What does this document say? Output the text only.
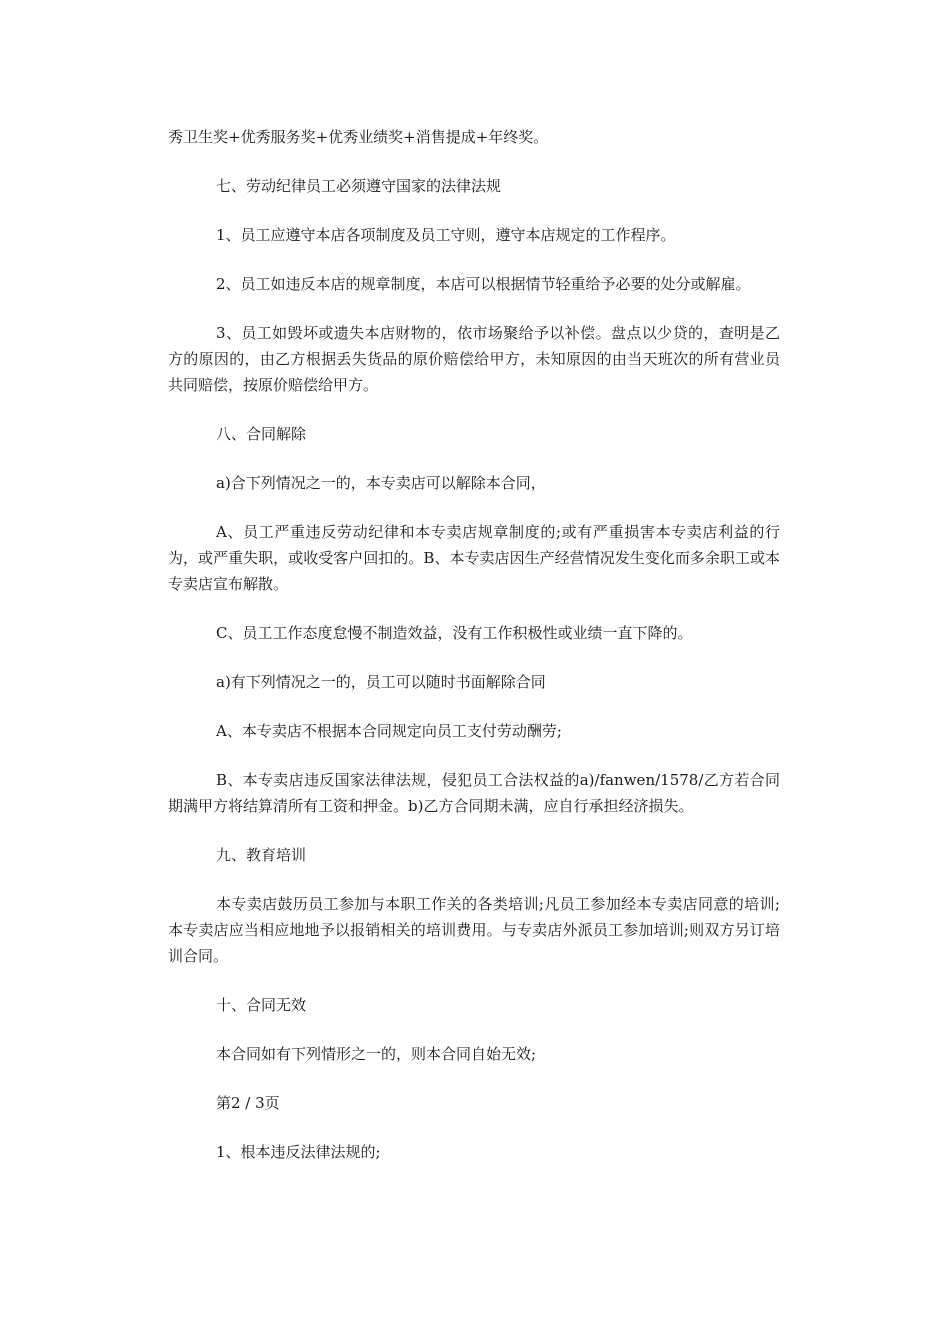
秀卫生奖+优秀服务奖+优秀业绩奖+消售提成+年终奖。

七、劳动纪律员工必须遵守国家的法律法规

1、员工应遵守本店各项制度及员工守则，遵守本店规定的工作程序。

2、员工如违反本店的规章制度，本店可以根据情节轻重给予必要的处分或解雇。

3、员工如毁坏或遗失本店财物的，依市场聚给予以补偿。盘点以少贷的，查明是乙方的原因的，由乙方根据丢失货品的原价赔偿给甲方，未知原因的由当天班次的所有营业员共同赔偿，按原价赔偿给甲方。

八、合同解除

a)合下列情况之一的，本专卖店可以解除本合同，

A、员工严重违反劳动纪律和本专卖店规章制度的;或有严重损害本专卖店利益的行为，或严重失职，或收受客户回扣的。B、本专卖店因生产经营情况发生变化而多余职工或本专卖店宣布解散。

C、员工工作态度怠慢不制造效益，没有工作积极性或业绩一直下降的。

a)有下列情况之一的，员工可以随时书面解除合同

A、本专卖店不根据本合同规定向员工支付劳动酬劳;

B、本专卖店违反国家法律法规，侵犯员工合法权益的a)/fanwen/1578/乙方若合同期满甲方将结算清所有工资和押金。b)乙方合同期未满，应自行承担经济损失。

九、教育培训

本专卖店鼓历员工参加与本职工作关的各类培训;凡员工参加经本专卖店同意的培训;本专卖店应当相应地地予以报销相关的培训费用。与专卖店外派员工参加培训;则双方另订培训合同。

十、合同无效

本合同如有下列情形之一的，则本合同自始无效;

第2 / 3页

1、根本违反法律法规的;
